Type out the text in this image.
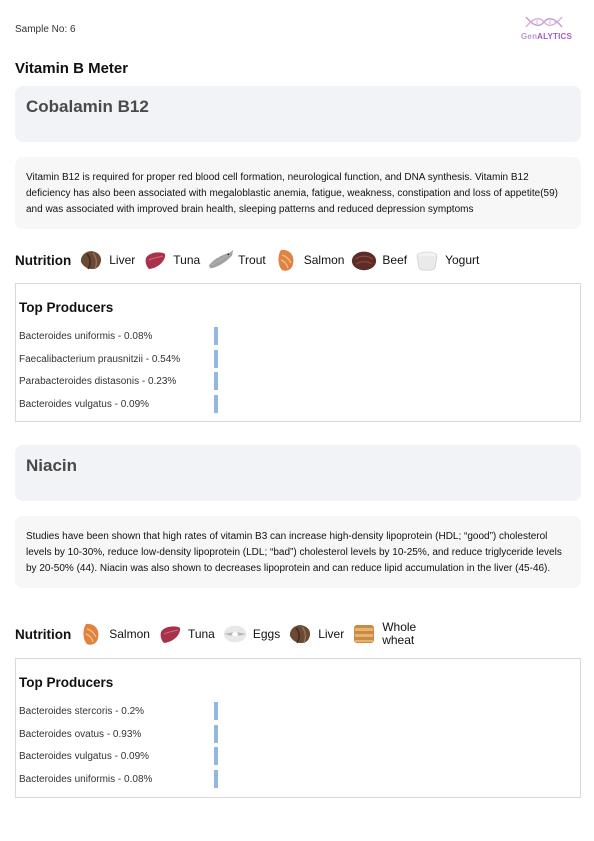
Sample No: 6
GenALYTICS
Vitamin B Meter
Cobalamin B12
Vitamin B12 is required for proper red blood cell formation, neurological function, and DNA synthesis. Vitamin B12 deficiency has also been associated with megaloblastic anemia, fatigue, weakness, constipation and loss of appetite(59) and was associated with improved brain health, sleeping patterns and reduced depression symptoms
Nutrition	Liver	Tuna	Trout	Salmon	Beef	Yogurt
Top Producers
Bacteroides uniformis - 0.08%
Faecalibacterium prausnitzii - 0.54%
Parabacteroides distasonis - 0.23%
Bacteroides vulgatus - 0.09%
Niacin
Studies have been shown that high rates of vitamin B3 can increase high-density lipoprotein (HDL; “good”) cholesterol levels by 10-30%, reduce low-density lipoprotein (LDL; “bad”) cholesterol levels by 10-25%, and reduce triglyceride levels by 20-50% (44). Niacin was also shown to decreases lipoprotein and can reduce lipid accumulation in the liver (45-46).
Nutrition	Salmon	Tuna	Eggs	Liver	Whole wheat
Top Producers
Bacteroides stercoris - 0.2%
Bacteroides ovatus - 0.93%
Bacteroides vulgatus - 0.09%
Bacteroides uniformis - 0.08%
